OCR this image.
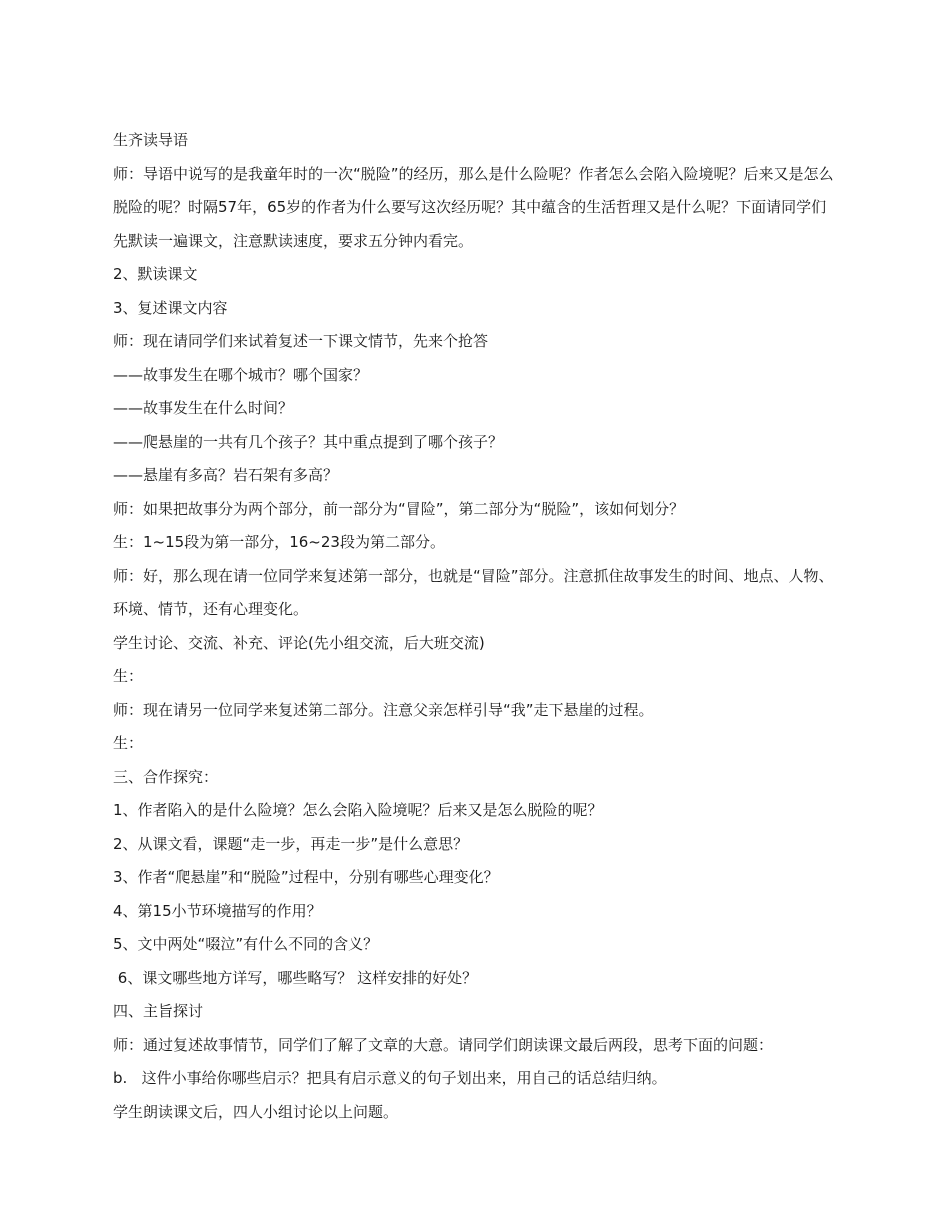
生齐读导语
师：导语中说写的是我童年时的一次“脱险”的经历，那么是什么险呢？作者怎么会陷入险境呢？后来又是怎么脱险的呢？时隔57年，65岁的作者为什么要写这次经历呢？其中蕴含的生活哲理又是什么呢？下面请同学们先默读一遍课文，注意默读速度，要求五分钟内看完。
2、默读课文
3、复述课文内容
师：现在请同学们来试着复述一下课文情节，先来个抢答
——故事发生在哪个城市？哪个国家？
——故事发生在什么时间？
——爬悬崖的一共有几个孩子？其中重点提到了哪个孩子？
——悬崖有多高？岩石架有多高？
师：如果把故事分为两个部分，前一部分为“冒险”，第二部分为“脱险”，该如何划分？
生：1~15段为第一部分，16~23段为第二部分。
师：好，那么现在请一位同学来复述第一部分，也就是“冒险”部分。注意抓住故事发生的时间、地点、人物、环境、情节，还有心理变化。
学生讨论、交流、补充、评论(先小组交流，后大班交流)
生：
师：现在请另一位同学来复述第二部分。注意父亲怎样引导“我”走下悬崖的过程。
生：
三、合作探究：
1、作者陷入的是什么险境？怎么会陷入险境呢？后来又是怎么脱险的呢？
2、从课文看，课题“走一步，再走一步”是什么意思？
3、作者“爬悬崖”和“脱险”过程中，分别有哪些心理变化？
4、第15小节环境描写的作用？
5、文中两处“啜泣”有什么不同的含义？
6、课文哪些地方详写，哪些略写？ 这样安排的好处？
四、主旨探讨
师：通过复述故事情节，同学们了解了文章的大意。请同学们朗读课文最后两段，思考下面的问题：
b.   这件小事给你哪些启示？把具有启示意义的句子划出来，用自己的话总结归纳。
学生朗读课文后，四人小组讨论以上问题。
